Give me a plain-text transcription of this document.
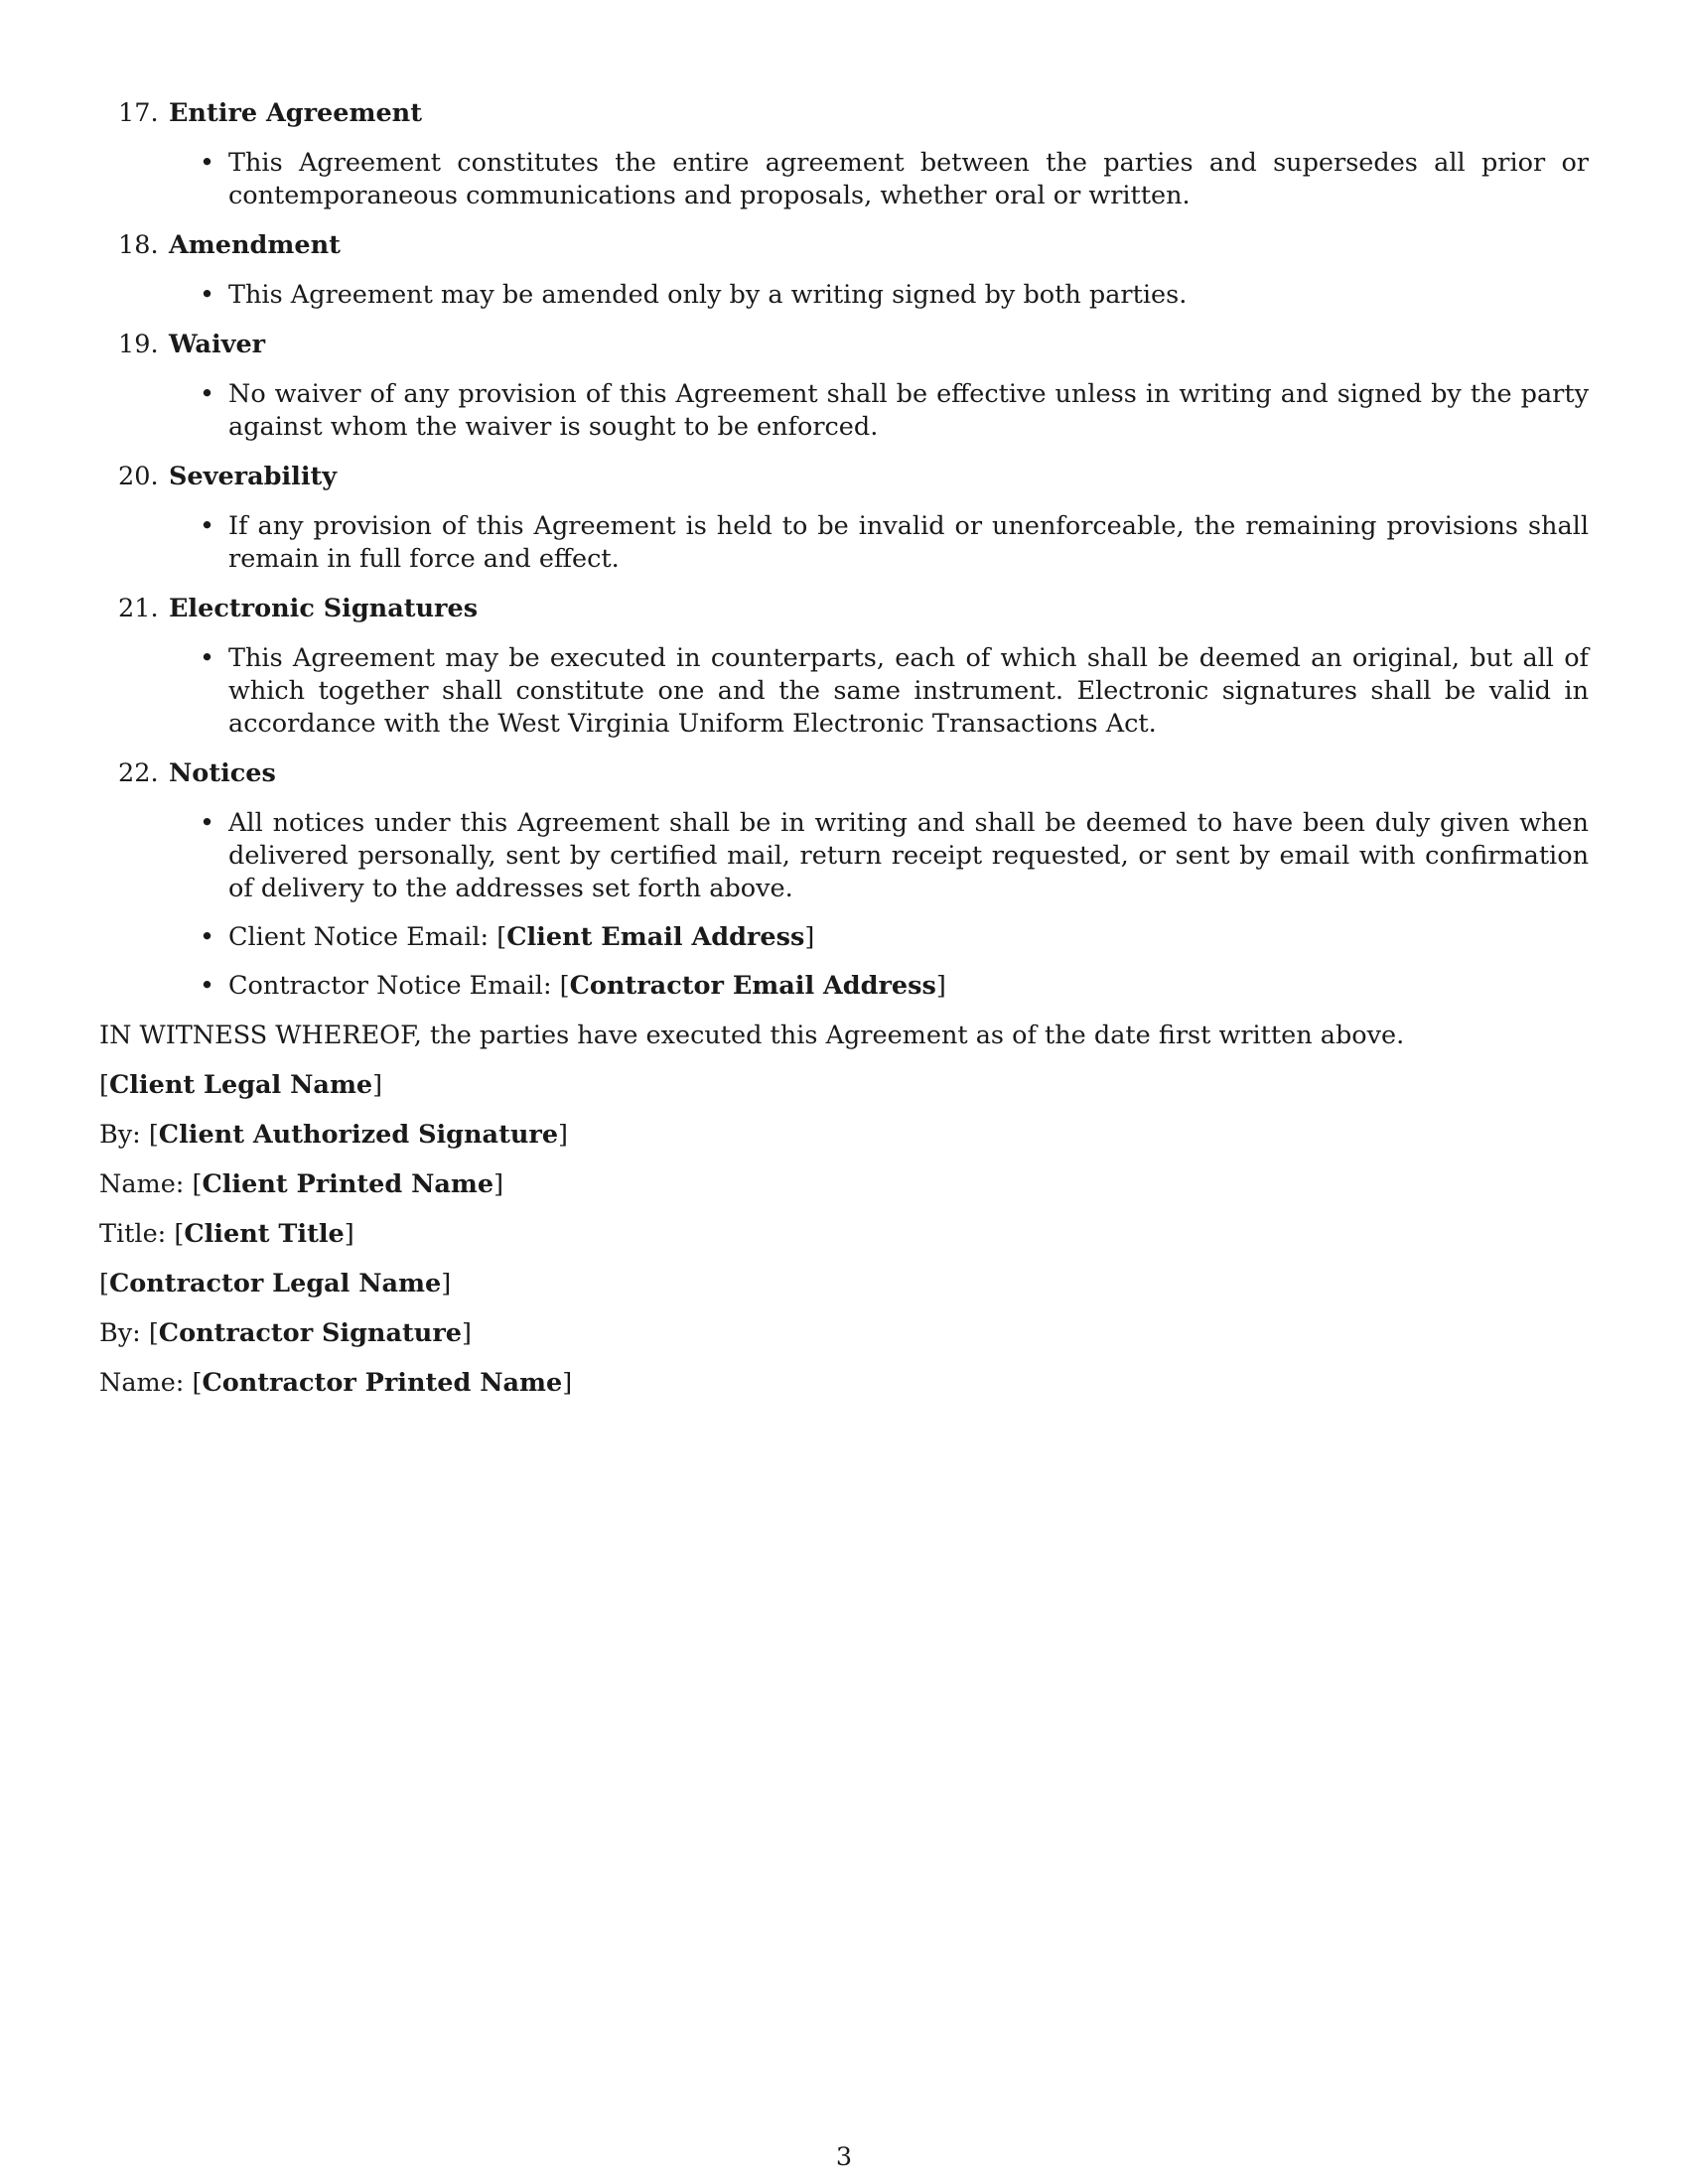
17. Entire Agreement
• This Agreement constitutes the entire agreement between the parties and supersedes all prior or contemporaneous communications and proposals, whether oral or written.
18. Amendment
• This Agreement may be amended only by a writing signed by both parties.
19. Waiver
• No waiver of any provision of this Agreement shall be effective unless in writing and signed by the party against whom the waiver is sought to be enforced.
20. Severability
• If any provision of this Agreement is held to be invalid or unenforceable, the remaining provisions shall remain in full force and effect.
21. Electronic Signatures
• This Agreement may be executed in counterparts, each of which shall be deemed an original, but all of which together shall constitute one and the same instrument. Electronic signatures shall be valid in accordance with the West Virginia Uniform Electronic Transactions Act.
22. Notices
• All notices under this Agreement shall be in writing and shall be deemed to have been duly given when delivered personally, sent by certified mail, return receipt requested, or sent by email with confirmation of delivery to the addresses set forth above.
• Client Notice Email: [Client Email Address]
• Contractor Notice Email: [Contractor Email Address]

IN WITNESS WHEREOF, the parties have executed this Agreement as of the date first written above.

[Client Legal Name]
By: [Client Authorized Signature]
Name: [Client Printed Name]
Title: [Client Title]
[Contractor Legal Name]
By: [Contractor Signature]
Name: [Contractor Printed Name]
3
